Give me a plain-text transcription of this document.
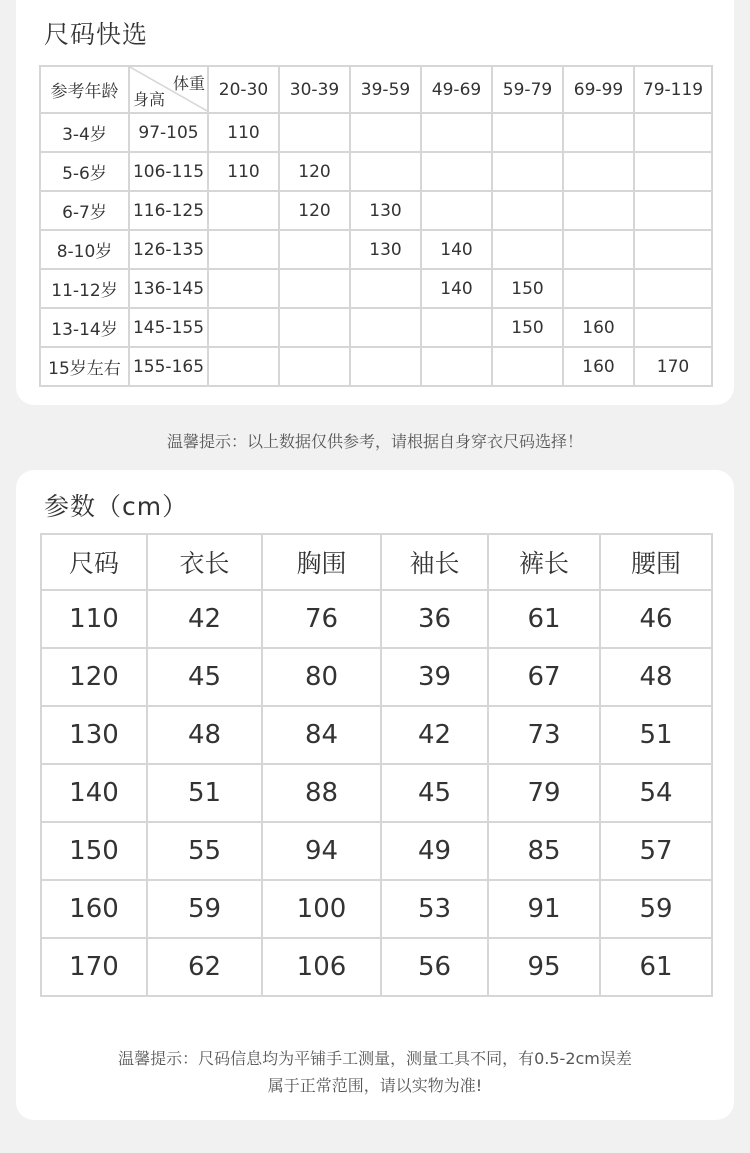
尺码快选
参考年龄	体重
身高	20-30	30-39	39-59	49-69	59-79	69-99	79-119
3-4岁	97-105	110						
5-6岁	106-115	110	120					
6-7岁	116-125		120	130				
8-10岁	126-135			130	140			
11-12岁	136-145				140	150		
13-14岁	145-155					150	160	
15岁左右	155-165						160	170
温馨提示：以上数据仅供参考，请根据自身穿衣尺码选择！
参数（cm）
尺码	衣长	胸围	袖长	裤长	腰围
110	42	76	36	61	46
120	45	80	39	67	48
130	48	84	42	73	51
140	51	88	45	79	54
150	55	94	49	85	57
160	59	100	53	91	59
170	62	106	56	95	61
温馨提示：尺码信息均为平铺手工测量，测量工具不同，有0.5-2cm误差
属于正常范围，请以实物为准!
